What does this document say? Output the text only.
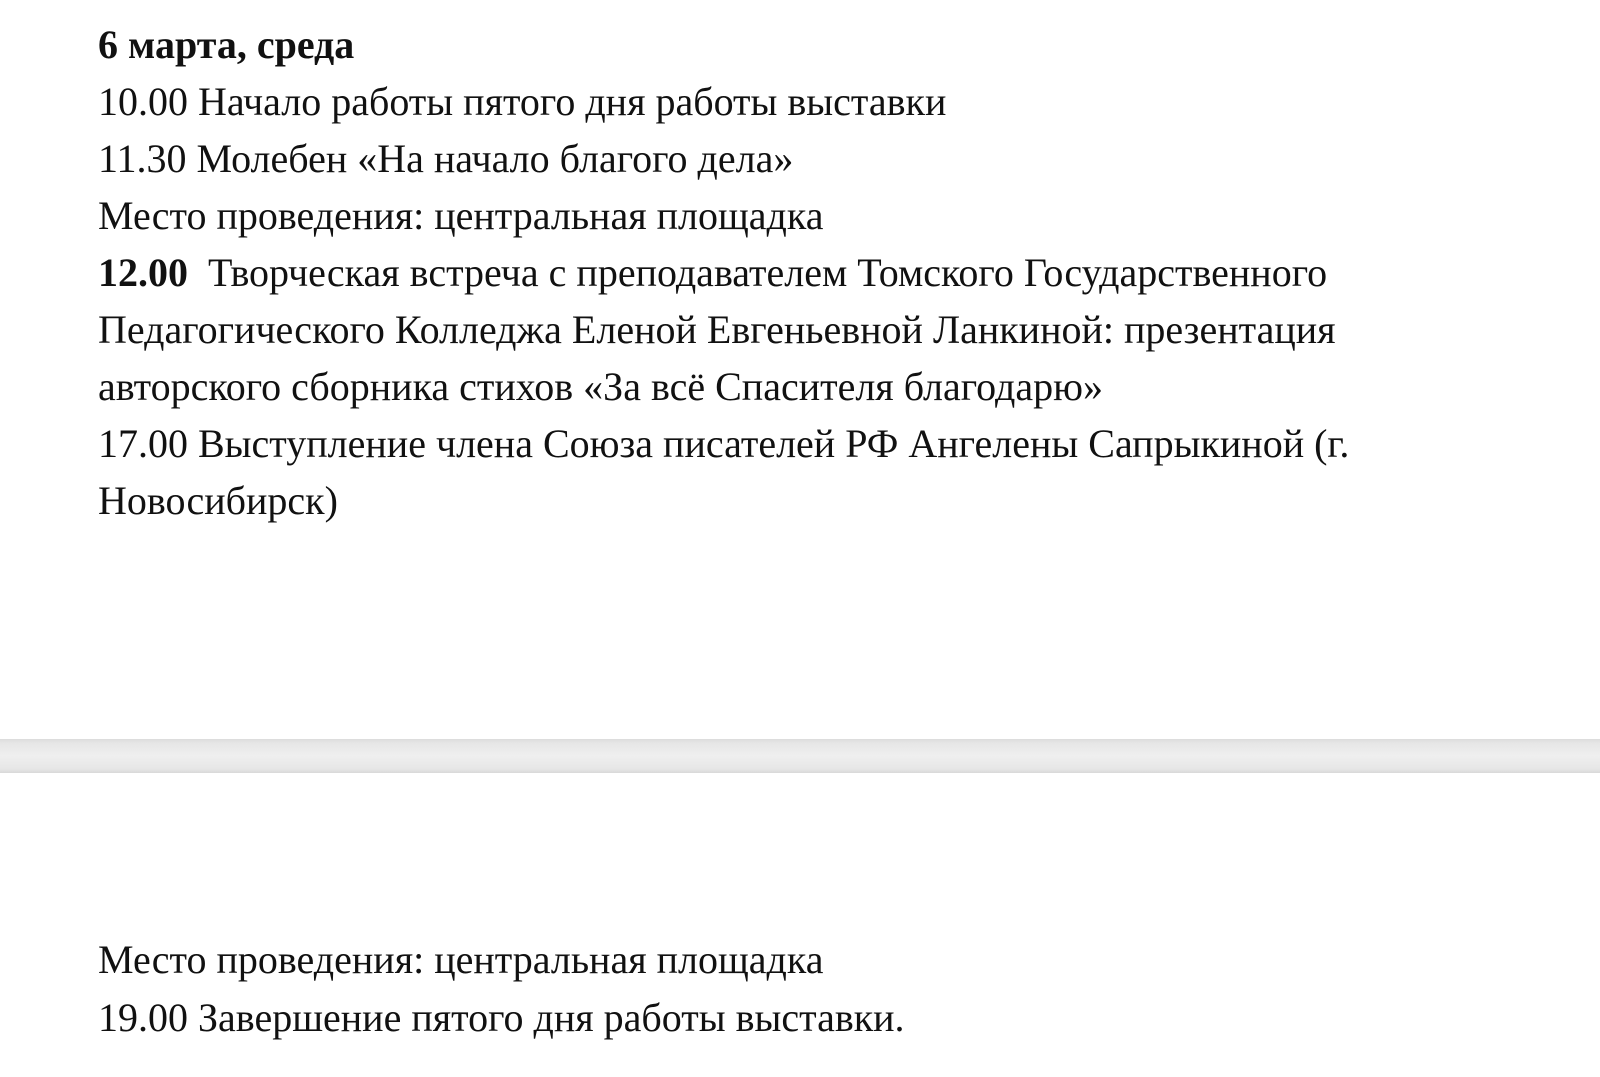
6 марта, среда

10.00 Начало работы пятого дня работы выставки

11.30 Молебен «На начало благого дела»

Место проведения: центральная площадка

12.00 Творческая встреча с преподавателем Томского Государственного

Педагогического Колледжа Еленой Евгеньевной Ланкиной: презентация

авторского сборника стихов «За всё Спасителя благодарю»

17.00 Выступление члена Союза писателей РФ Ангелены Сапрыкиной (г.

Новосибирск)

Место проведения: центральная площадка

19.00 Завершение пятого дня работы выставки.
